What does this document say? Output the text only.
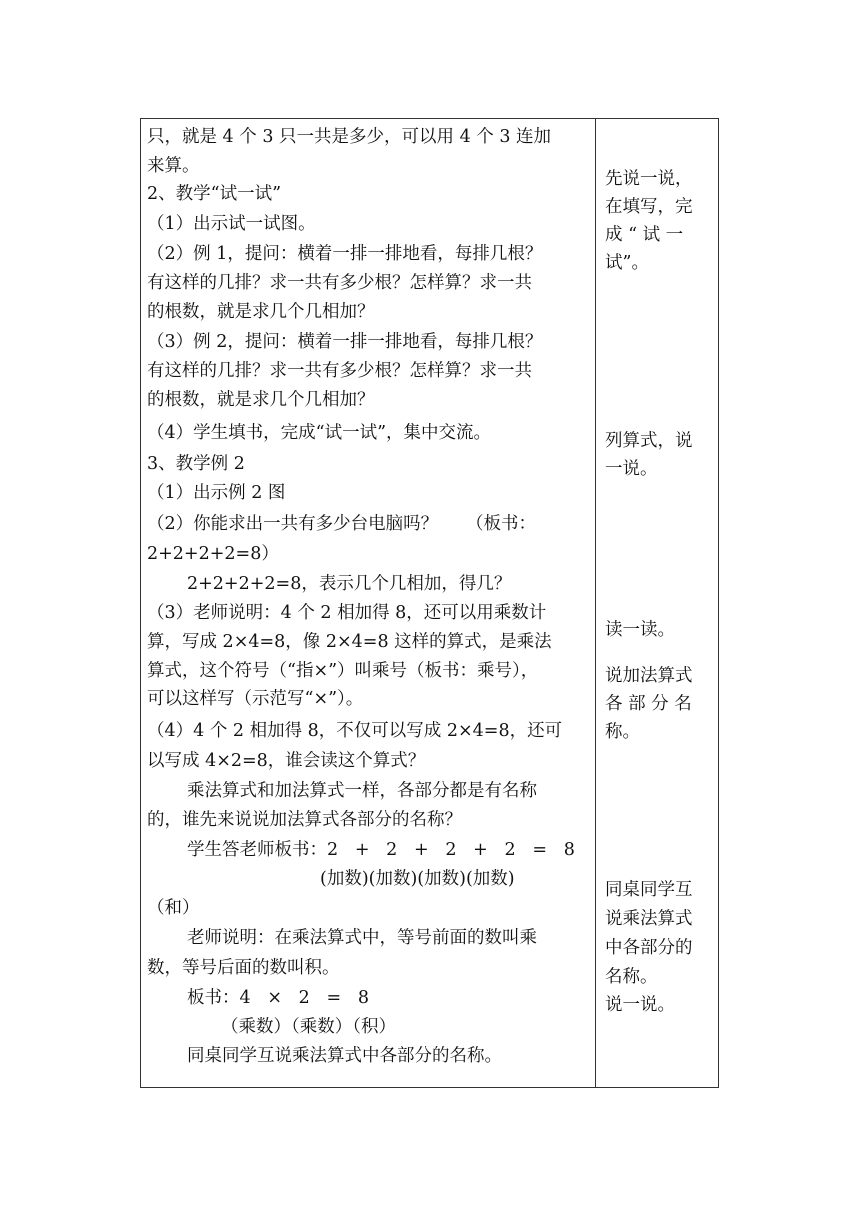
只，就是 4 个 3 只一共是多少，可以用 4 个 3 连加
来算。
2、教学“试一试”
（1）出示试一试图。
（2）例 1，提问：横着一排一排地看，每排几根？
有这样的几排？求一共有多少根？怎样算？求一共
的根数，就是求几个几相加？
（3）例 2，提问：横着一排一排地看，每排几根？
有这样的几排？求一共有多少根？怎样算？求一共
的根数，就是求几个几相加？
（4）学生填书，完成“试一试”，集中交流。
3、教学例 2
（1）出示例 2 图
（2）你能求出一共有多少台电脑吗？     （板书：
2+2+2+2=8）
2+2+2+2=8，表示几个几相加，得几？
（3）老师说明：4 个 2 相加得 8，还可以用乘数计
算，写成 2×4=8，像 2×4=8 这样的算式，是乘法
算式，这个符号（“指×”）叫乘号（板书：乘号），
可以这样写（示范写“×”）。
（4）4 个 2 相加得 8，不仅可以写成 2×4=8，还可
以写成 4×2=8，谁会读这个算式？
乘法算式和加法算式一样，各部分都是有名称
的，谁先来说说加法算式各部分的名称？
学生答老师板书：2   +   2   +   2   +   2   =   8
(加数)(加数)(加数)(加数)
（和）
老师说明：在乘法算式中，等号前面的数叫乘
数，等号后面的数叫积。
板书：4   ×   2   =   8
（乘数）（乘数）（积）
同桌同学互说乘法算式中各部分的名称。
先说一说，
在填写，完
成 “ 试 一
试”。
列算式，说
一说。
读一读。
说加法算式
各 部 分 名
称。
同桌同学互
说乘法算式
中各部分的
名称。
说一说。
